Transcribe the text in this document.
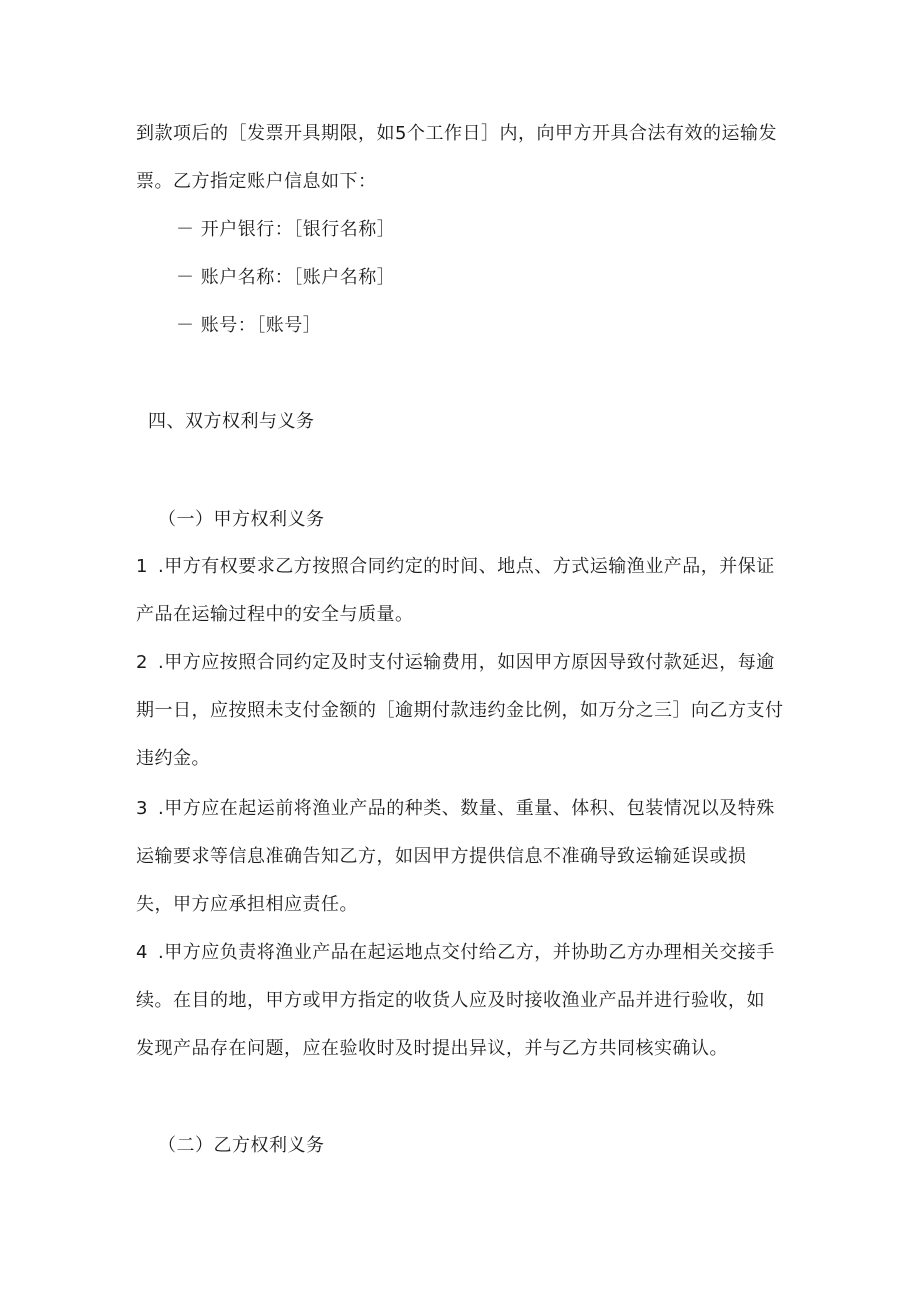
到款项后的［发票开具期限，如5个工作日］内，向甲方开具合法有效的运输发
票。乙方指定账户信息如下：
－ 开户银行：［银行名称］
－ 账户名称：［账户名称］
－ 账号：［账号］
四、双方权利与义务
（一）甲方权利义务
1 .甲方有权要求乙方按照合同约定的时间、地点、方式运输渔业产品，并保证
产品在运输过程中的安全与质量。
2 .甲方应按照合同约定及时支付运输费用，如因甲方原因导致付款延迟，每逾
期一日，应按照未支付金额的［逾期付款违约金比例，如万分之三］向乙方支付
违约金。
3 .甲方应在起运前将渔业产品的种类、数量、重量、体积、包装情况以及特殊
运输要求等信息准确告知乙方，如因甲方提供信息不准确导致运输延误或损
失，甲方应承担相应责任。
4 .甲方应负责将渔业产品在起运地点交付给乙方，并协助乙方办理相关交接手
续。在目的地，甲方或甲方指定的收货人应及时接收渔业产品并进行验收，如
发现产品存在问题，应在验收时及时提出异议，并与乙方共同核实确认。
（二）乙方权利义务
